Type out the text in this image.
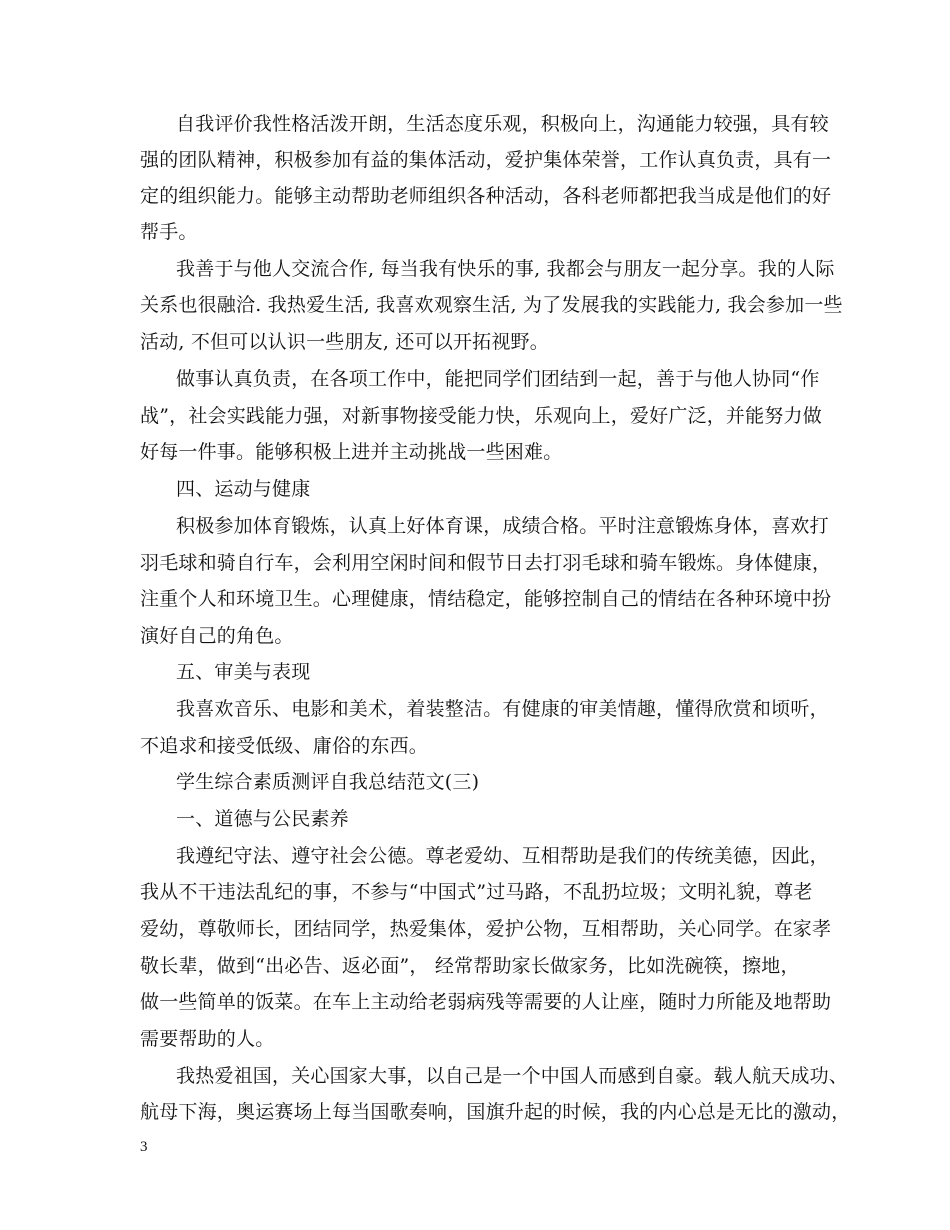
自我评价我性格活泼开朗，生活态度乐观，积极向上，沟通能力较强，具有较
强的团队精神，积极参加有益的集体活动，爱护集体荣誉，工作认真负责，具有一
定的组织能力。能够主动帮助老师组织各种活动，各科老师都把我当成是他们的好
帮手。
我善于与他人交流合作, 每当我有快乐的事, 我都会与朋友一起分享。我的人际
关系也很融洽. 我热爱生活, 我喜欢观察生活, 为了发展我的实践能力, 我会参加一些
活动, 不但可以认识一些朋友, 还可以开拓视野。
做事认真负责，在各项工作中，能把同学们团结到一起，善于与他人协同“作
战”，社会实践能力强，对新事物接受能力快，乐观向上，爱好广泛，并能努力做
好每一件事。能够积极上进并主动挑战一些困难。
四、运动与健康
积极参加体育锻炼，认真上好体育课，成绩合格。平时注意锻炼身体，喜欢打
羽毛球和骑自行车，会利用空闲时间和假节日去打羽毛球和骑车锻炼。身体健康，
注重个人和环境卫生。心理健康，情结稳定，能够控制自己的情结在各种环境中扮
演好自己的角色。
五、审美与表现
我喜欢音乐、电影和美术，着装整洁。有健康的审美情趣，懂得欣赏和顷听，
不追求和接受低级、庸俗的东西。
学生综合素质测评自我总结范文(三)
一、道德与公民素养
我遵纪守法、遵守社会公德。尊老爱幼、互相帮助是我们的传统美德，因此，
我从不干违法乱纪的事，不参与“中国式”过马路，不乱扔垃圾；文明礼貌，尊老
爱幼，尊敬师长，团结同学，热爱集体，爱护公物，互相帮助，关心同学。在家孝
敬长辈，做到“出必告、返必面”， 经常帮助家长做家务，比如洗碗筷，擦地，
做一些简单的饭菜。在车上主动给老弱病残等需要的人让座，随时力所能及地帮助
需要帮助的人。
我热爱祖国，关心国家大事，以自己是一个中国人而感到自豪。载人航天成功、
航母下海，奥运赛场上每当国歌奏响，国旗升起的时候，我的内心总是无比的激动，
3
